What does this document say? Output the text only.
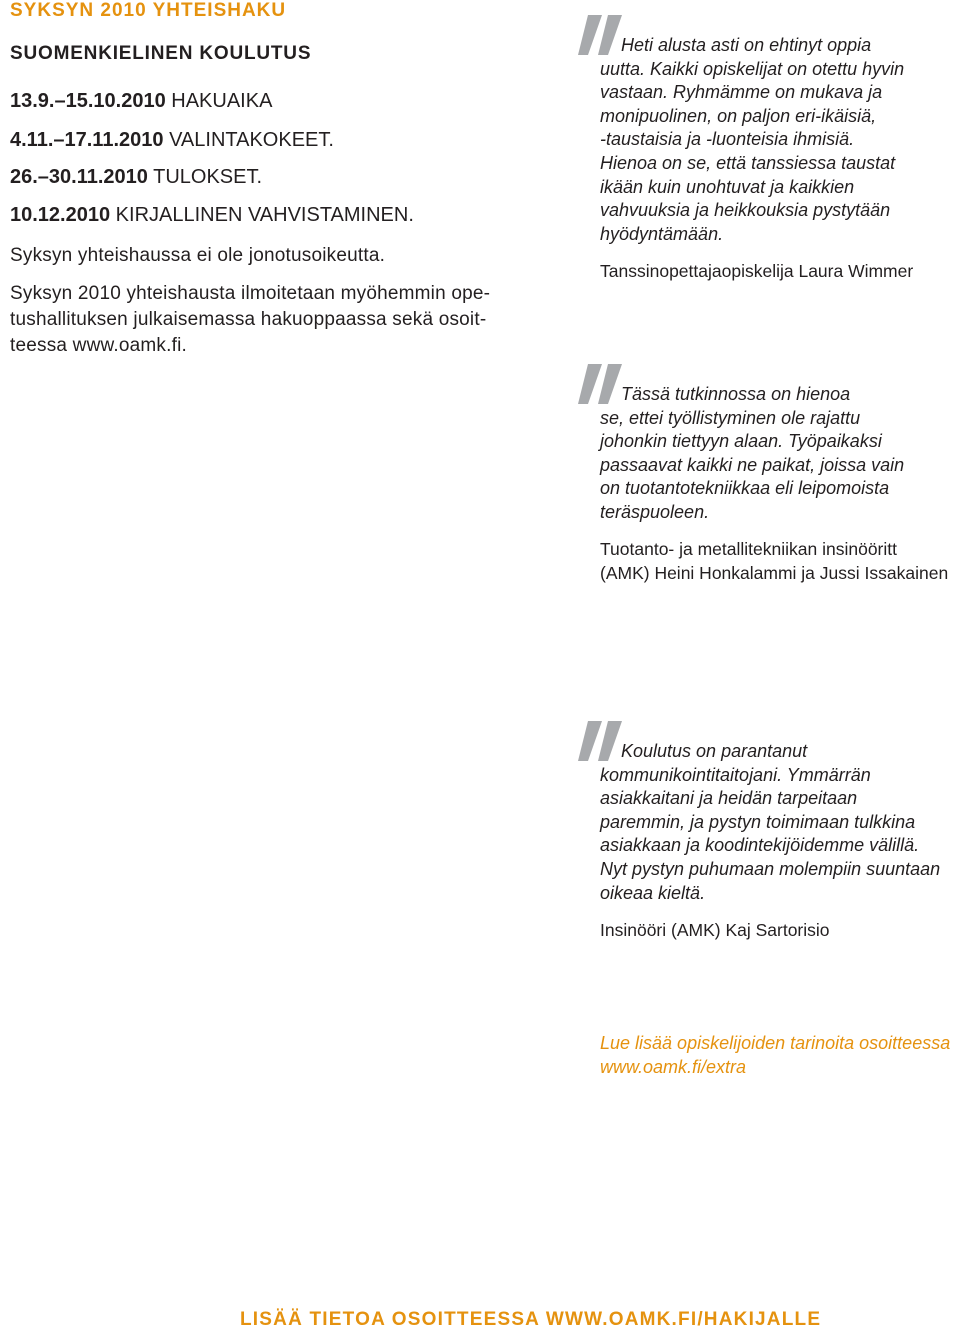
SYKSYN 2010 YHTEISHAKU
SUOMENKIELINEN KOULUTUS
13.9.–15.10.2010 HAKUAIKA
4.11.–17.11.2010 VALINTAKOKEET.
26.–30.11.2010 TULOKSET.
10.12.2010 KIRJALLINEN VAHVISTAMINEN.
Syksyn yhteishaussa ei ole jonotusoikeutta.

Syksyn 2010 yhteishausta ilmoitetaan myöhemmin ope-

tushallituksen julkaisemassa hakuoppaassa sekä osoit-

teessa www.oamk.fi.

Heti alusta asti on ehtinyt oppia
uutta. Kaikki opiskelijat on otettu hyvin
vastaan. Ryhmämme on mukava ja
monipuolinen, on paljon eri-ikäisiä,
-taustaisia ja -luonteisia ihmisiä.
Hienoa on se, että tanssiessa taustat
ikään kuin unohtuvat ja kaikkien
vahvuuksia ja heikkouksia pystytään
hyödyntämään.
Tanssinopettajaopiskelija Laura Wimmer
Tässä tutkinnossa on hienoa
se, ettei työllistyminen ole rajattu
johonkin tiettyyn alaan. Työpaikaksi
passaavat kaikki ne paikat, joissa vain
on tuotantotekniikkaa eli leipomoista
teräspuoleen.
Tuotanto- ja metallitekniikan insinööritt
(AMK) Heini Honkalammi ja Jussi Issakainen
Koulutus on parantanut
kommunikointitaitojani. Ymmärrän
asiakkaitani ja heidän tarpeitaan
paremmin, ja pystyn toimimaan tulkkina
asiakkaan ja koodintekijöidemme välillä.
Nyt pystyn puhumaan molempiin suuntaan
oikeaa kieltä.
Insinööri (AMK) Kaj Sartorisio
Lue lisää opiskelijoiden tarinoita osoitteessa
www.oamk.fi/extra
LISÄÄ TIETOA OSOITTEESSA WWW.OAMK.FI/HAKIJALLE
